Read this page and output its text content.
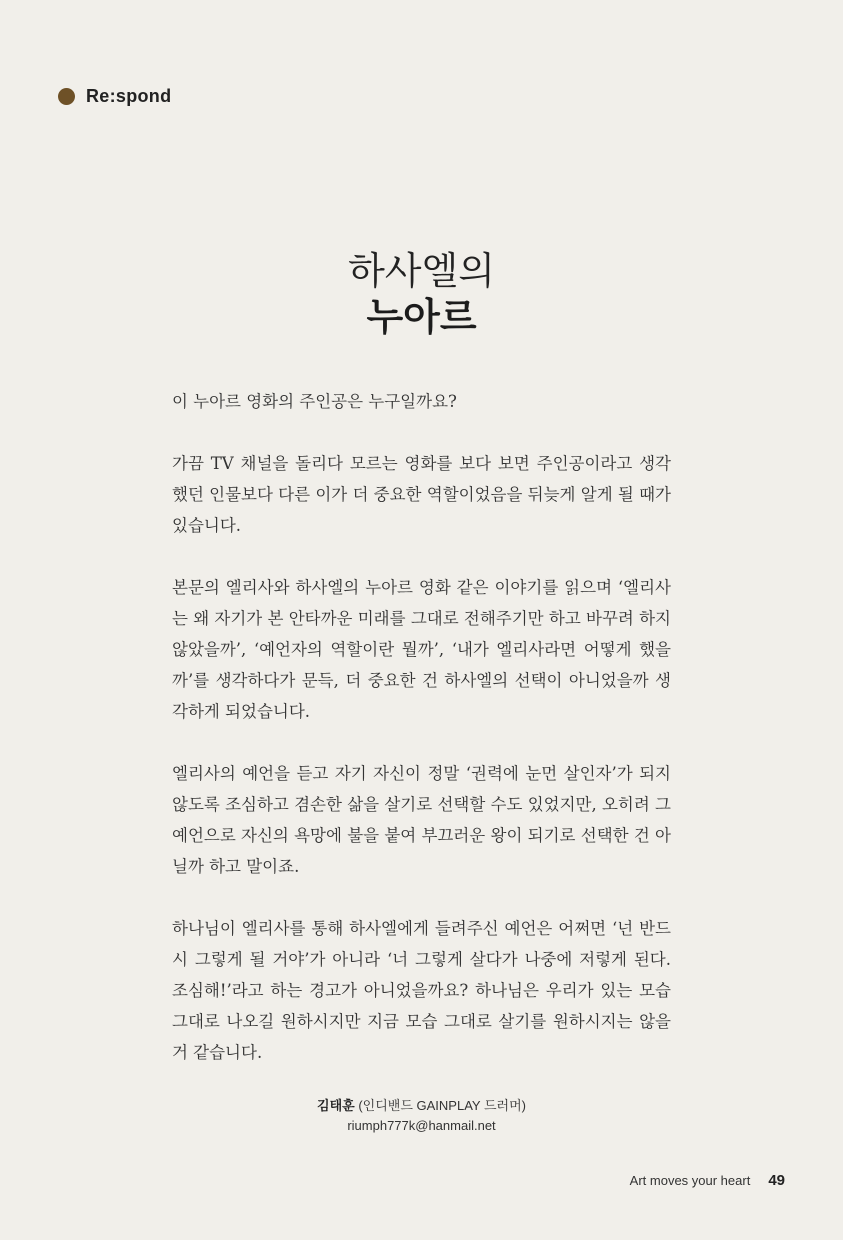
Re:spond
하사엘의
누아르

이 누아르 영화의 주인공은 누구일까요?

가끔 TV 채널을 돌리다 모르는 영화를 보다 보면 주인공이라고 생각했던 인물보다 다른 이가 더 중요한 역할이었음을 뒤늦게 알게 될 때가 있습니다.

본문의 엘리사와 하사엘의 누아르 영화 같은 이야기를 읽으며 ‘엘리사는 왜 자기가 본 안타까운 미래를 그대로 전해주기만 하고 바꾸려 하지 않았을까’, ‘예언자의 역할이란 뭘까’, ‘내가 엘리사라면 어떻게 했을까’를 생각하다가 문득, 더 중요한 건 하사엘의 선택이 아니었을까 생각하게 되었습니다.

엘리사의 예언을 듣고 자기 자신이 정말 ‘권력에 눈먼 살인자’가 되지 않도록 조심하고 겸손한 삶을 살기로 선택할 수도 있었지만, 오히려 그 예언으로 자신의 욕망에 불을 붙여 부끄러운 왕이 되기로 선택한 건 아닐까 하고 말이죠.

하나님이 엘리사를 통해 하사엘에게 들려주신 예언은 어쩌면 ‘넌 반드시 그렇게 될 거야’가 아니라 ‘너 그렇게 살다가 나중에 저렇게 된다. 조심해!’라고 하는 경고가 아니었을까요? 하나님은 우리가 있는 모습 그대로 나오길 원하시지만 지금 모습 그대로 살기를 원하시지는 않을 거 같습니다.

김태훈 (인디밴드 GAINPLAY 드러머)
riumph777k@hanmail.net
Art moves your heart 49
